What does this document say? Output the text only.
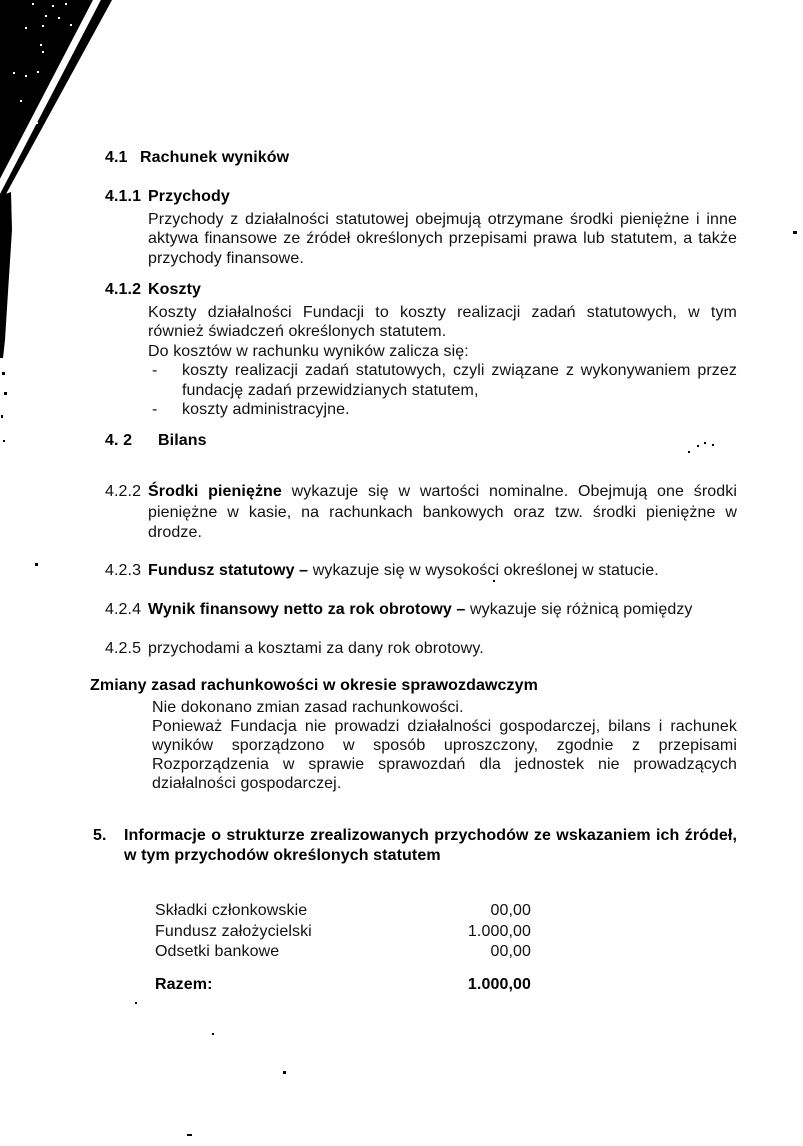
4.1 Rachunek wyników
4.1.1 Przychody
Przychody z działalności statutowej obejmują otrzymane środki pieniężne i inne aktywa finansowe ze źródeł określonych przepisami prawa lub statutem, a także przychody finansowe.
4.1.2 Koszty
Koszty działalności Fundacji to koszty realizacji zadań statutowych, w tym również świadczeń określonych statutem.
Do kosztów w rachunku wyników zalicza się:
-	koszty realizacji zadań statutowych, czyli związane z wykonywaniem przez fundację zadań przewidzianych statutem,
-	koszty administracyjne.
4. 2 Bilans
4.2.2 Środki pieniężne wykazuje się w wartości nominalne. Obejmują one środki pieniężne w kasie, na rachunkach bankowych oraz tzw. środki pieniężne w drodze.
4.2.3 Fundusz statutowy – wykazuje się w wysokości określonej w statucie.
4.2.4 Wynik finansowy netto za rok obrotowy – wykazuje się różnicą pomiędzy
4.2.5 przychodami a kosztami za dany rok obrotowy.
Zmiany zasad rachunkowości w okresie sprawozdawczym
Nie dokonano zmian zasad rachunkowości.
Ponieważ Fundacja nie prowadzi działalności gospodarczej, bilans i rachunek wyników sporządzono w sposób uproszczony, zgodnie z przepisami Rozporządzenia w sprawie sprawozdań dla jednostek nie prowadzących działalności gospodarczej.
5. Informacje o strukturze zrealizowanych przychodów ze wskazaniem ich źródeł, w tym przychodów określonych statutem
Składki członkowskie	00,00
Fundusz założycielski	1.000,00
Odsetki bankowe	00,00
Razem:	1.000,00
